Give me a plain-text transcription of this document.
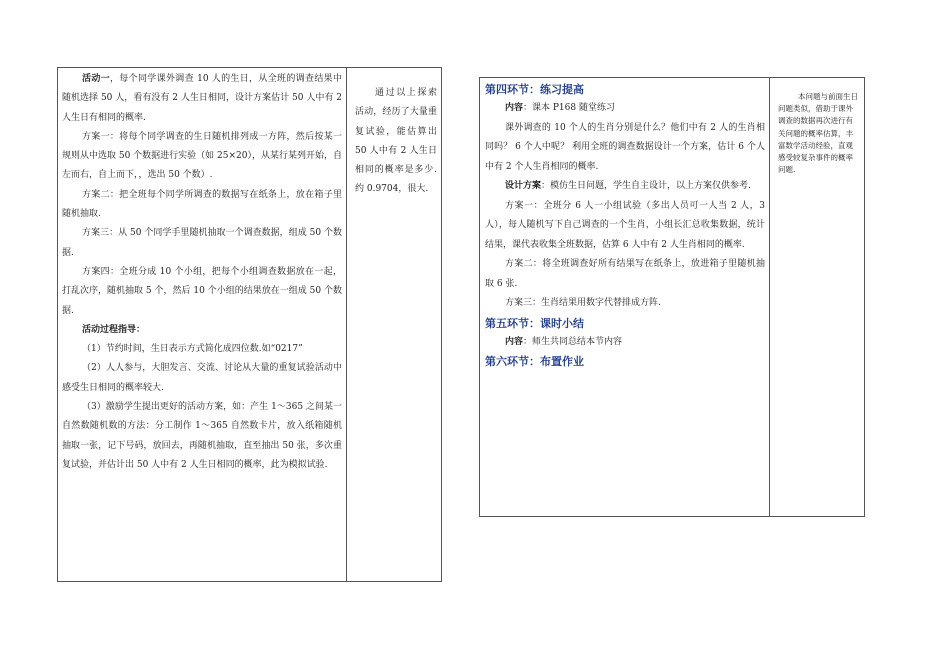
活动一，每个同学课外调查 10 人的生日，从全班的调查结果中随机选择 50 人，看有没有 2 人生日相同，设计方案估计 50 人中有 2 人生日有相同的概率.

方案一：将每个同学调查的生日随机排列成一方阵，然后按某一规则从中选取 50 个数据进行实验（如 25×20），从某行某列开始，自左而右，自上而下，，选出 50 个数）.

方案二：把全班每个同学所调查的数据写在纸条上，放在箱子里随机抽取.

方案三：从 50 个同学手里随机抽取一个调查数据，组成 50 个数据.

方案四：全班分成 10 个小组，把每个小组调查数据放在一起，打乱次序，随机抽取 5 个，然后 10 个小组的结果放在一组成 50 个数据.

活动过程指导：

（1）节约时间，生日表示方式简化成四位数.如“0217”

（2）人人参与，大胆发言、交流、讨论从大量的重复试验活动中感受生日相同的概率较大.

（3）激励学生提出更好的活动方案，如：产生 1～365 之间某一自然数随机数的方法：分工制作 1～365 自然数卡片，放入纸箱随机抽取一张，记下号码，放回去，再随机抽取，直至抽出 50 张，多次重复试验，并估计出 50 人中有 2 人生日相同的概率，此为模拟试验.

通过以上探索活动，经历了大量重复试验，能估算出 50 人中有 2 人生日相同的概率是多少.约 0.9704，很大.

第四环节：练习提高

内容：课本 P168 随堂练习

课外调查的 10 个人的生肖分别是什么？他们中有 2 人的生肖相同吗？ 6 个人中呢？ 利用全班的调查数据设计一个方案，估计 6 个人中有 2 个人生肖相同的概率.

设计方案：模仿生日问题，学生自主设计，以上方案仅供参考.

方案一：全班分 6 人一小组试验（多出人员可一人当 2 人，3 人），每人随机写下自己调查的一个生肖，小组长汇总收集数据，统计结果，课代表收集全班数据，估算 6 人中有 2 人生肖相同的概率.

方案二：将全班调查好所有结果写在纸条上，放进箱子里随机抽取 6 张.

方案三：生肖结果用数字代替排成方阵.

第五环节：课时小结

内容：师生共同总结本节内容

第六环节：布置作业

本问题与前面生日问题类似，借助于课外调查的数据再次进行有关问题的概率估算，丰富数学活动经验，直观感受较复杂事件的概率问题.
